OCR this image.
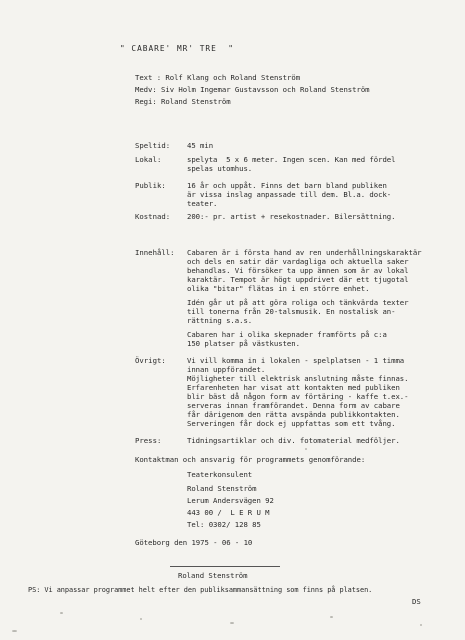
" CABARE' MR' TRE  "
Text : Rolf Klang och Roland Stenström
Medv: Siv Holm Ingemar Gustavsson och Roland Stenström
Regi: Roland Stenström
Speltid: 45 min
Lokal:	spelyta  5 x 6 meter. Ingen scen. Kan med fördel
spelas utomhus.
Publik:	16 år och uppåt. Finns det barn bland publiken
är vissa inslag anpassade till dem. Bl.a. dock-
teater.
Kostnad: 200:- pr. artist + resekostnader. Bilersättning.
Innehåll: Cabaren är i första hand av ren underhållningskaraktär
och dels en satir där vardagliga och aktuella saker
behandlas. Vi försöker ta upp ämnen som är av lokal
karaktär. Tempot är högt uppdrivet där ett tjugotal
olika "bitar" flätas in i en större enhet.
Idén går ut på att göra roliga och tänkvärda texter
till tonerna från 20-talsmusik. En nostalisk an-
rättning s.a.s.
Cabaren har i olika skepnader framförts på c:a
150 platser på västkusten.
Övrigt:	Vi vill komma in i lokalen - spelplatsen - 1 timma
innan uppförandet.
Möjligheter till elektrisk anslutning måste finnas.
Erfarenheten har visat att kontakten med publiken
blir bäst då någon form av förtäring - kaffe t.ex.-
serveras innan framförandet. Denna form av cabare
får därigenom den rätta avspända publikkontakten.
Serveringen får dock ej uppfattas som ett tvång.
Press:	Tidningsartiklar och div. fotomaterial medföljer.
Kontaktman och ansvarig för programmets genomförande:
Teaterkonsulent
Roland Stenström
Lerum Andersvägen 92
443 00 /  L E R U M
Tel: 0302/ 128 85
Göteborg den 1975 - 06 - 10
Roland Stenström
PS: Vi anpassar programmet helt efter den publiksammansättning som finns på platsen.
DS
